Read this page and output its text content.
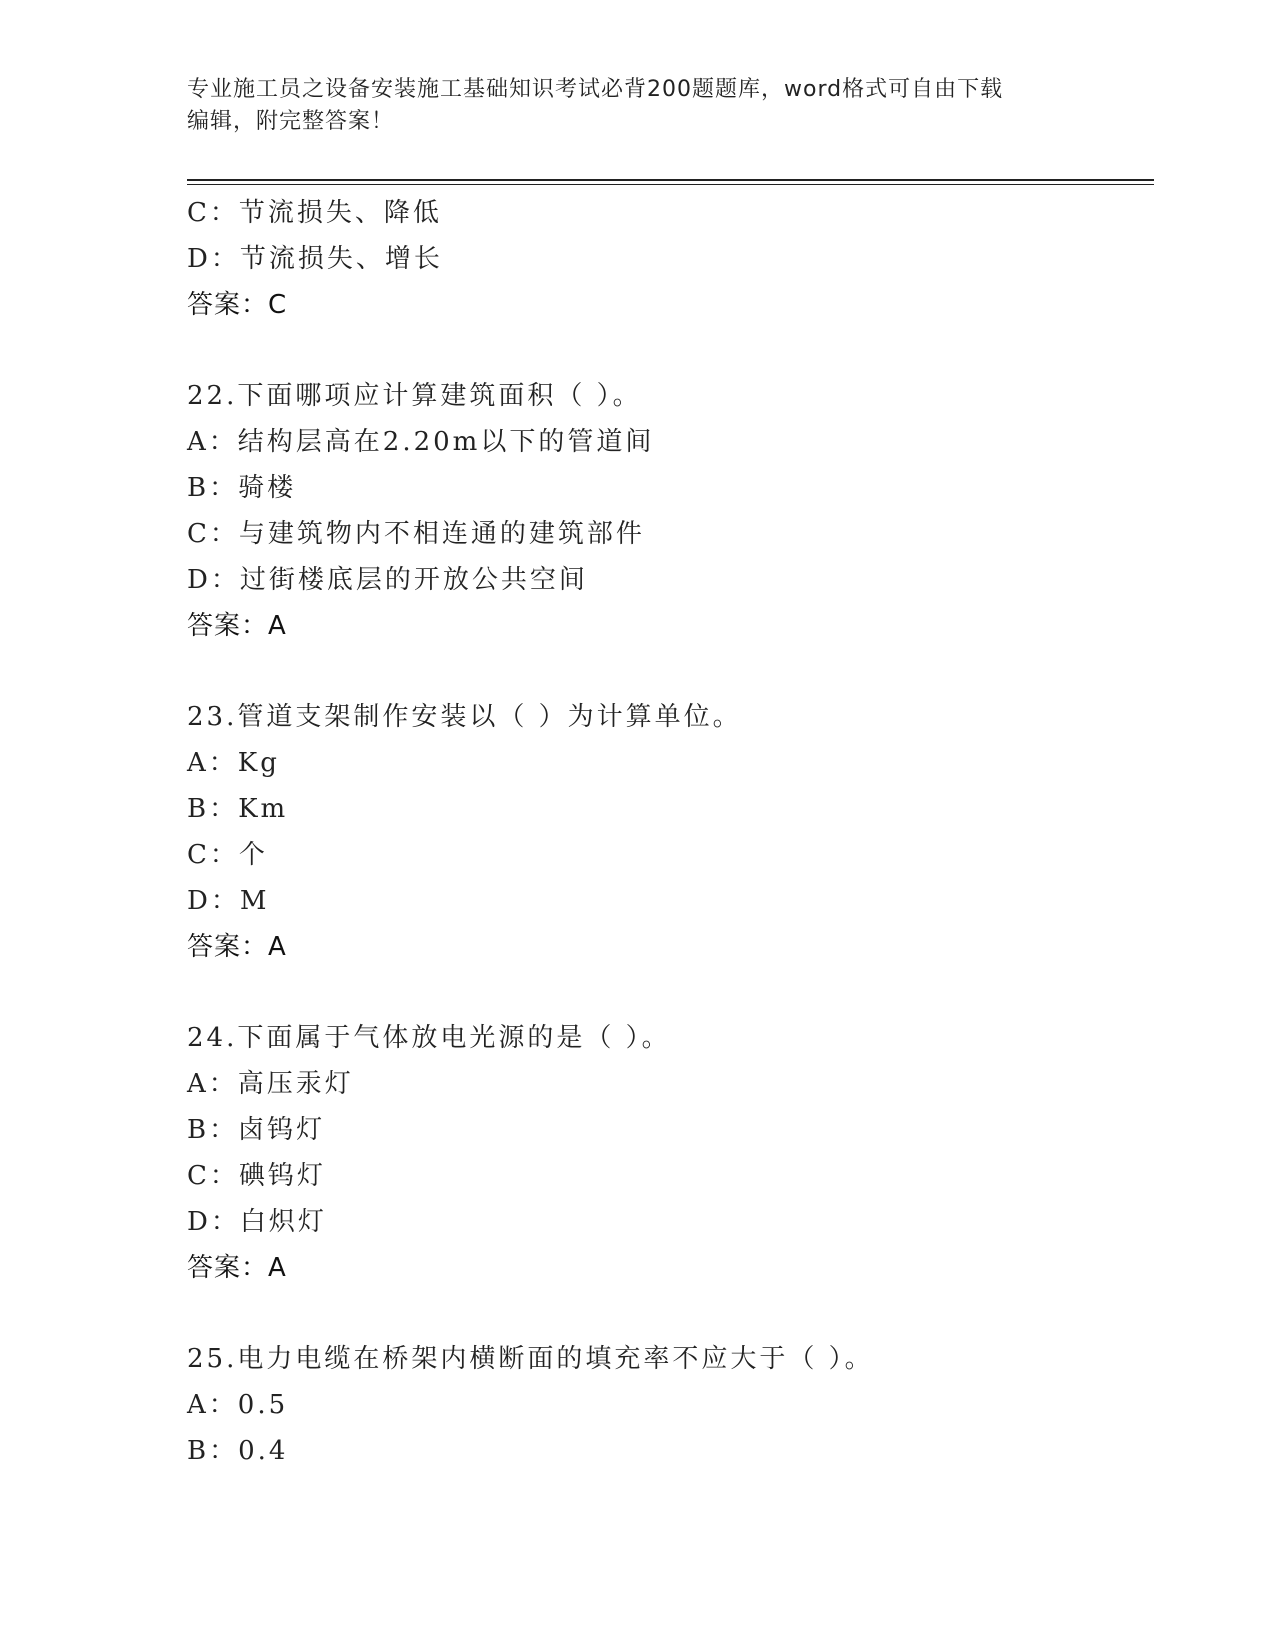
专业施工员之设备安装施工基础知识考试必背200题题库，word格式可自由下载
编辑，附完整答案！
C：节流损失、降低
D：节流损失、增长
答案：C
22.下面哪项应计算建筑面积（ ）。
A：结构层高在2.20m以下的管道间
B：骑楼
C：与建筑物内不相连通的建筑部件
D：过街楼底层的开放公共空间
答案：A
23.管道支架制作安装以（ ）为计算单位。
A：Kg
B：Km
C：个
D：M
答案：A
24.下面属于气体放电光源的是（ ）。
A：高压汞灯
B：卤钨灯
C：碘钨灯
D：白炽灯
答案：A
25.电力电缆在桥架内横断面的填充率不应大于（ ）。
A：0.5
B：0.4
